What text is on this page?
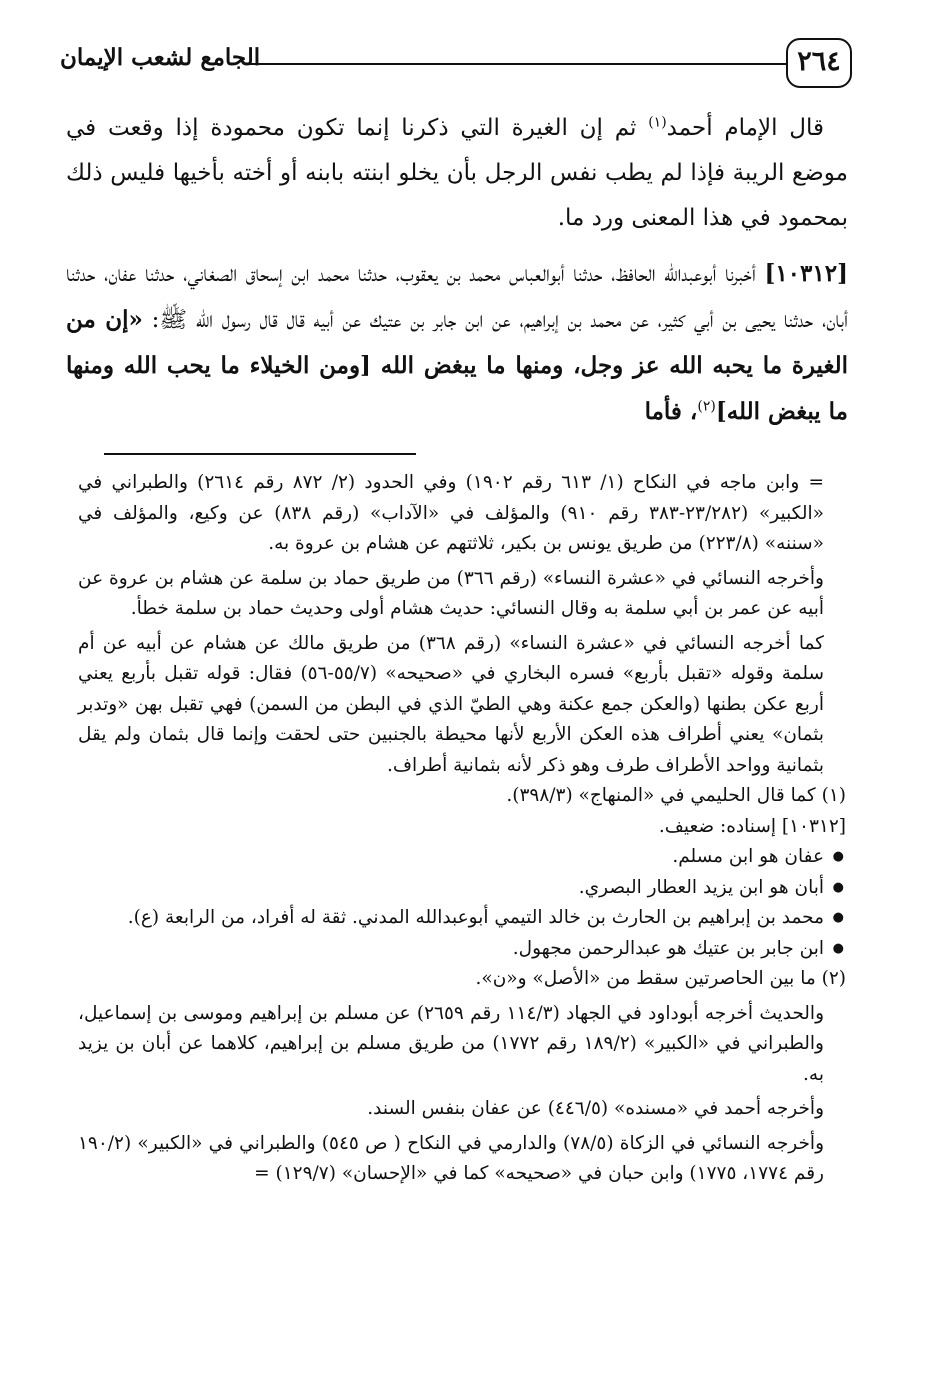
٢٦٤
الجامع لشعب الإيمان

قال الإمام أحمد$^{(١)}$ ثم إن الغيرة التي ذكرنا إنما تكون محمودة إذا وقعت في موضع الريبة فإذا لم يطب نفس الرجل بأن يخلو ابنته بابنه أو أخته بأخيها فليس ذلك بمحمود في هذا المعنى ورد ما.

[١٠٣١٢] أخبرنا أبوعبدالله الحافظ، حدثنا أبوالعباس محمد بن يعقوب، حدثنا محمد ابن إسحاق الصغاني، حدثنا عفان، حدثنا أبان، حدثنا يحيى بن أبي كثير، عن محمد بن إبراهيم، عن ابن جابر بن عتيك عن أبيه قال قال رسول الله ﷺ: «إن من الغيرة ما يحبه الله عز وجل، ومنها ما يبغض الله [ومن الخيلاء ما يحب الله ومنها ما يبغض الله]$^{(٢)}$، فأما

= وابن ماجه في النكاح (١/ ٦١٣ رقم ١٩٠٢) وفي الحدود (٢/ ٨٧٢ رقم ٢٦١٤) والطبراني في «الكبير» (٢٣/٢٨٢-٣٨٣ رقم ٩١٠) والمؤلف في «الآداب» (رقم ٨٣٨) عن وكيع، والمؤلف في «سننه» (٢٢٣/٨) من طريق يونس بن بكير، ثلاثتهم عن هشام بن عروة به.

وأخرجه النسائي في «عشرة النساء» (رقم ٣٦٦) من طريق حماد بن سلمة عن هشام بن عروة عن أبيه عن عمر بن أبي سلمة به وقال النسائي: حديث هشام أولى وحديث حماد بن سلمة خطأ.

كما أخرجه النسائي في «عشرة النساء» (رقم ٣٦٨) من طريق مالك عن هشام عن أبيه عن أم سلمة وقوله «تقبل بأربع» فسره البخاري في «صحيحه» (٥٥/٧-٥٦) فقال: قوله تقبل بأربع يعني أربع عكن بطنها (والعكن جمع عكنة وهي الطيّ الذي في البطن من السمن) فهي تقبل بهن «وتدبر بثمان» يعني أطراف هذه العكن الأربع لأنها محيطة بالجنبين حتى لحقت وإنما قال بثمان ولم يقل بثمانية وواحد الأطراف طرف وهو ذكر لأنه بثمانية أطراف.

(١) كما قال الحليمي في «المنهاج» (٣٩٨/٣).

[١٠٣١٢] إسناده: ضعيف.

● عفان هو ابن مسلم.
● أبان هو ابن يزيد العطار البصري.
● محمد بن إبراهيم بن الحارث بن خالد التيمي أبوعبدالله المدني. ثقة له أفراد، من الرابعة (ع).
● ابن جابر بن عتيك هو عبدالرحمن مجهول.

(٢) ما بين الحاصرتين سقط من «الأصل» و«ن».

والحديث أخرجه أبوداود في الجهاد (١١٤/٣ رقم ٢٦٥٩) عن مسلم بن إبراهيم وموسى بن إسماعيل، والطبراني في «الكبير» (١٨٩/٢ رقم ١٧٧٢) من طريق مسلم بن إبراهيم، كلاهما عن أبان بن يزيد به.

وأخرجه أحمد في «مسنده» (٤٤٦/٥) عن عفان بنفس السند.

وأخرجه النسائي في الزكاة (٧٨/٥) والدارمي في النكاح ( ص ٥٤٥) والطبراني في «الكبير» (١٩٠/٢ رقم ١٧٧٤، ١٧٧٥) وابن حبان في «صحيحه» كما في «الإحسان» (١٢٩/٧) =
